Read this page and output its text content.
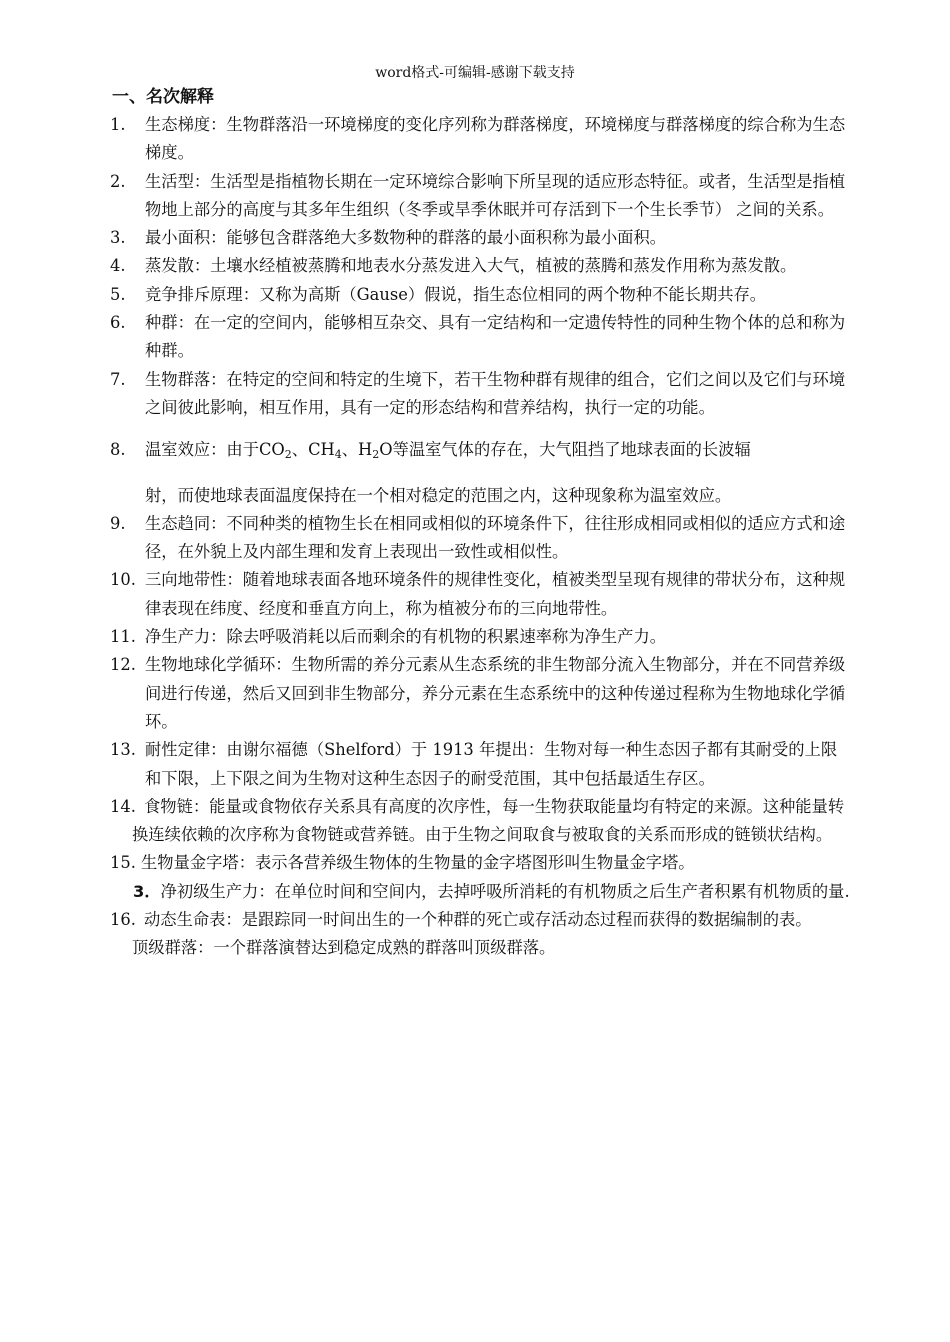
word格式-可编辑-感谢下载支持
一、名次解释
1. 生态梯度：生物群落沿一环境梯度的变化序列称为群落梯度，环境梯度与群落梯度的综合称为生态梯度。
2. 生活型：生活型是指植物长期在一定环境综合影响下所呈现的适应形态特征。或者，生活型是指植物地上部分的高度与其多年生组织（冬季或旱季休眠并可存活到下一个生长季节） 之间的关系。
3. 最小面积：能够包含群落绝大多数物种的群落的最小面积称为最小面积。
4. 蒸发散：土壤水经植被蒸腾和地表水分蒸发进入大气，植被的蒸腾和蒸发作用称为蒸发散。
5. 竞争排斥原理：又称为高斯（Gause）假说，指生态位相同的两个物种不能长期共存。
6. 种群：在一定的空间内，能够相互杂交、具有一定结构和一定遗传特性的同种生物个体的总和称为种群。
7. 生物群落：在特定的空间和特定的生境下，若干生物种群有规律的组合，它们之间以及它们与环境之间彼此影响，相互作用，具有一定的形态结构和营养结构，执行一定的功能。
8. 温室效应：由于$CO_2$、$CH_4$、$H_2O$等温室气体的存在，大气阻挡了地球表面的长波辐
射，而使地球表面温度保持在一个相对稳定的范围之内，这种现象称为温室效应。
9. 生态趋同：不同种类的植物生长在相同或相似的环境条件下，往往形成相同或相似的适应方式和途径，在外貌上及内部生理和发育上表现出一致性或相似性。
10. 三向地带性：随着地球表面各地环境条件的规律性变化，植被类型呈现有规律的带状分布，这种规律表现在纬度、经度和垂直方向上，称为植被分布的三向地带性。
11. 净生产力：除去呼吸消耗以后而剩余的有机物的积累速率称为净生产力。
12. 生物地球化学循环：生物所需的养分元素从生态系统的非生物部分流入生物部分，并在不同营养级间进行传递，然后又回到非生物部分，养分元素在生态系统中的这种传递过程称为生物地球化学循环。
13. 耐性定律：由谢尔福德（Shelford）于 1913 年提出：生物对每一种生态因子都有其耐受的上限和下限，上下限之间为生物对这种生态因子的耐受范围，其中包括最适生存区。
14. 食物链：能量或食物依存关系具有高度的次序性，每一生物获取能量均有特定的来源。这种能量转换连续依赖的次序称为食物链或营养链。由于生物之间取食与被取食的关系而形成的链锁状结构。
15. 生物量金字塔：表示各营养级生物体的生物量的金字塔图形叫生物量金字塔。
3．净初级生产力：在单位时间和空间内，去掉呼吸所消耗的有机物质之后生产者积累有机物质的量.
16. 动态生命表：是跟踪同一时间出生的一个种群的死亡或存活动态过程而获得的数据编制的表。
顶级群落：一个群落演替达到稳定成熟的群落叫顶级群落。
